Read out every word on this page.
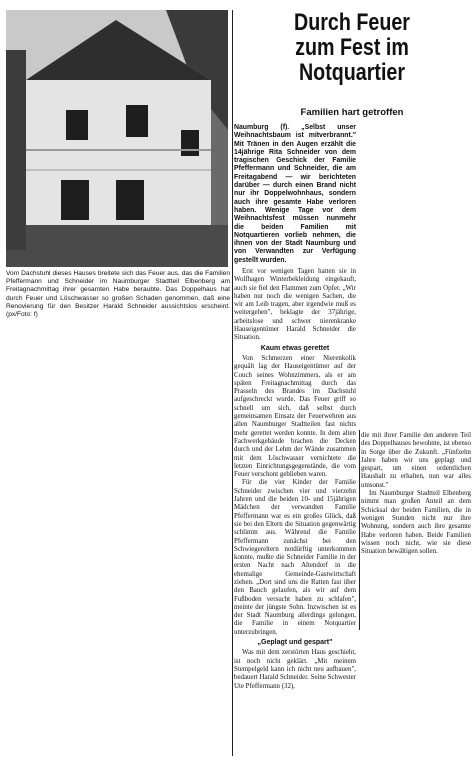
Vom Dachstuhl dieses Hauses breitete sich das Feuer aus, das die Familien Pfeffermann und Schneider im Naumburger Stadtteil Elbenberg am Freitagnachmittag ihrer gesamten Habe beraubte. Das Doppelhaus hat durch Feuer und Löschwasser so großen Schaden genommen, daß eine Renovierung für den Besitzer Harald Schneider aussichtslos erscheint. (px/Foto: f)
Durch Feuer
zum Fest im
Notquartier
Familien hart getroffen
Naumburg (f). „Selbst unser Weihnachtsbaum ist mitverbrannt." Mit Tränen in den Augen erzählt die 14jährige Rita Schneider von dem tragischen Geschick der Familie Pfeffermann und Schneider, die am Freitagabend — wir berichteten darüber — durch einen Brand nicht nur ihr Doppelwohnhaus, sondern auch ihre gesamte Habe verloren haben. Wenige Tage vor dem Weihnachtsfest müssen nunmehr die beiden Familien mit Notquartieren vorlieb nehmen, die ihnen von der Stadt Naumburg und von Verwandten zur Verfügung gestellt wurden.

Erst vor wenigen Tagen hatten sie in Wolfhagen Winterbekleidung eingekauft, auch sie fiel den Flammen zum Opfer. „Wir haben nur noch die wenigen Sachen, die wir am Leib tragen, aber irgendwie muß es weitergehen", beklagte der 37jährige, arbeitslose und schwer nierenkranke Hauseigentümer Harald Schneider die Situation.

Kaum etwas gerettet

Von Schmerzen einer Nierenkolik gequält lag der Hauseigentümer auf der Couch seines Wohnzimmers, als er am späten Freitagnachmittag durch das Prasseln des Brandes im Dachstuhl aufgeschreckt wurde. Das Feuer griff so schnell um sich, daß selbst durch gemeinsamen Einsatz der Feuerwehren aus allen Naumburger Stadtteilen fast nichts mehr gerettet werden konnte. In dem alten Fachwerkgebäude brachen die Decken durch und der Lehm der Wände zusammen mit dem Löschwasser vernichtete die letzten Einrichtungsgegenstände, die vom Feuer verschont geblieben waren.

Für die vier Kinder der Familie Schneider zwischen vier und vierzehn Jahren und die beiden 10- und 15jährigen Mädchen der verwandten Familie Pfeffermann war es ein großes Glück, daß sie bei den Eltern die Situation gegenwärtig schlimm aus. Während die Familie Pfeffermann zunächst bei den Schwiegereltern notdürftig unterkommen konnte, mußte die Schneider Familie in der ersten Nacht nach Altendorf in die ehemalige Gemeinde-Gastwirtschaft ziehen. „Dort sind uns die Ratten fast über den Bauch gelaufen, als wir auf dem Fußboden versucht haben zu schlafen", meinte der jüngste Sohn. Inzwischen ist es der Stadt Naumburg allerdings gelungen, die Familie in einem Notquartier unterzubringen.

„Geplagt und gespart"

Was mit dem zerstörten Haus geschieht, ist noch nicht geklärt. „Mit meinem Stempelgeld kann ich nicht neu aufbauen", bedauert Harald Schneider. Seine Schwester Ute Pfeffermann (32),

die mit ihrer Familie den anderen Teil des Doppelhauses bewohnte, ist ebenso in Sorge über die Zukunft. „Fünfzehn Jahre haben wir uns geplagt und gespart, um einen ordentlichen Haushalt zu erhalten, nun war alles umsonst."

Im Naumburger Stadtteil Elbenberg nimmt man großen Anteil an dem Schicksal der beiden Familien, die in wenigen Stunden nicht nur ihre Wohnung, sondern auch ihre gesamte Habe verloren haben. Beide Familien wissen noch nicht, wie sie diese Situation bewältigen sollen.
